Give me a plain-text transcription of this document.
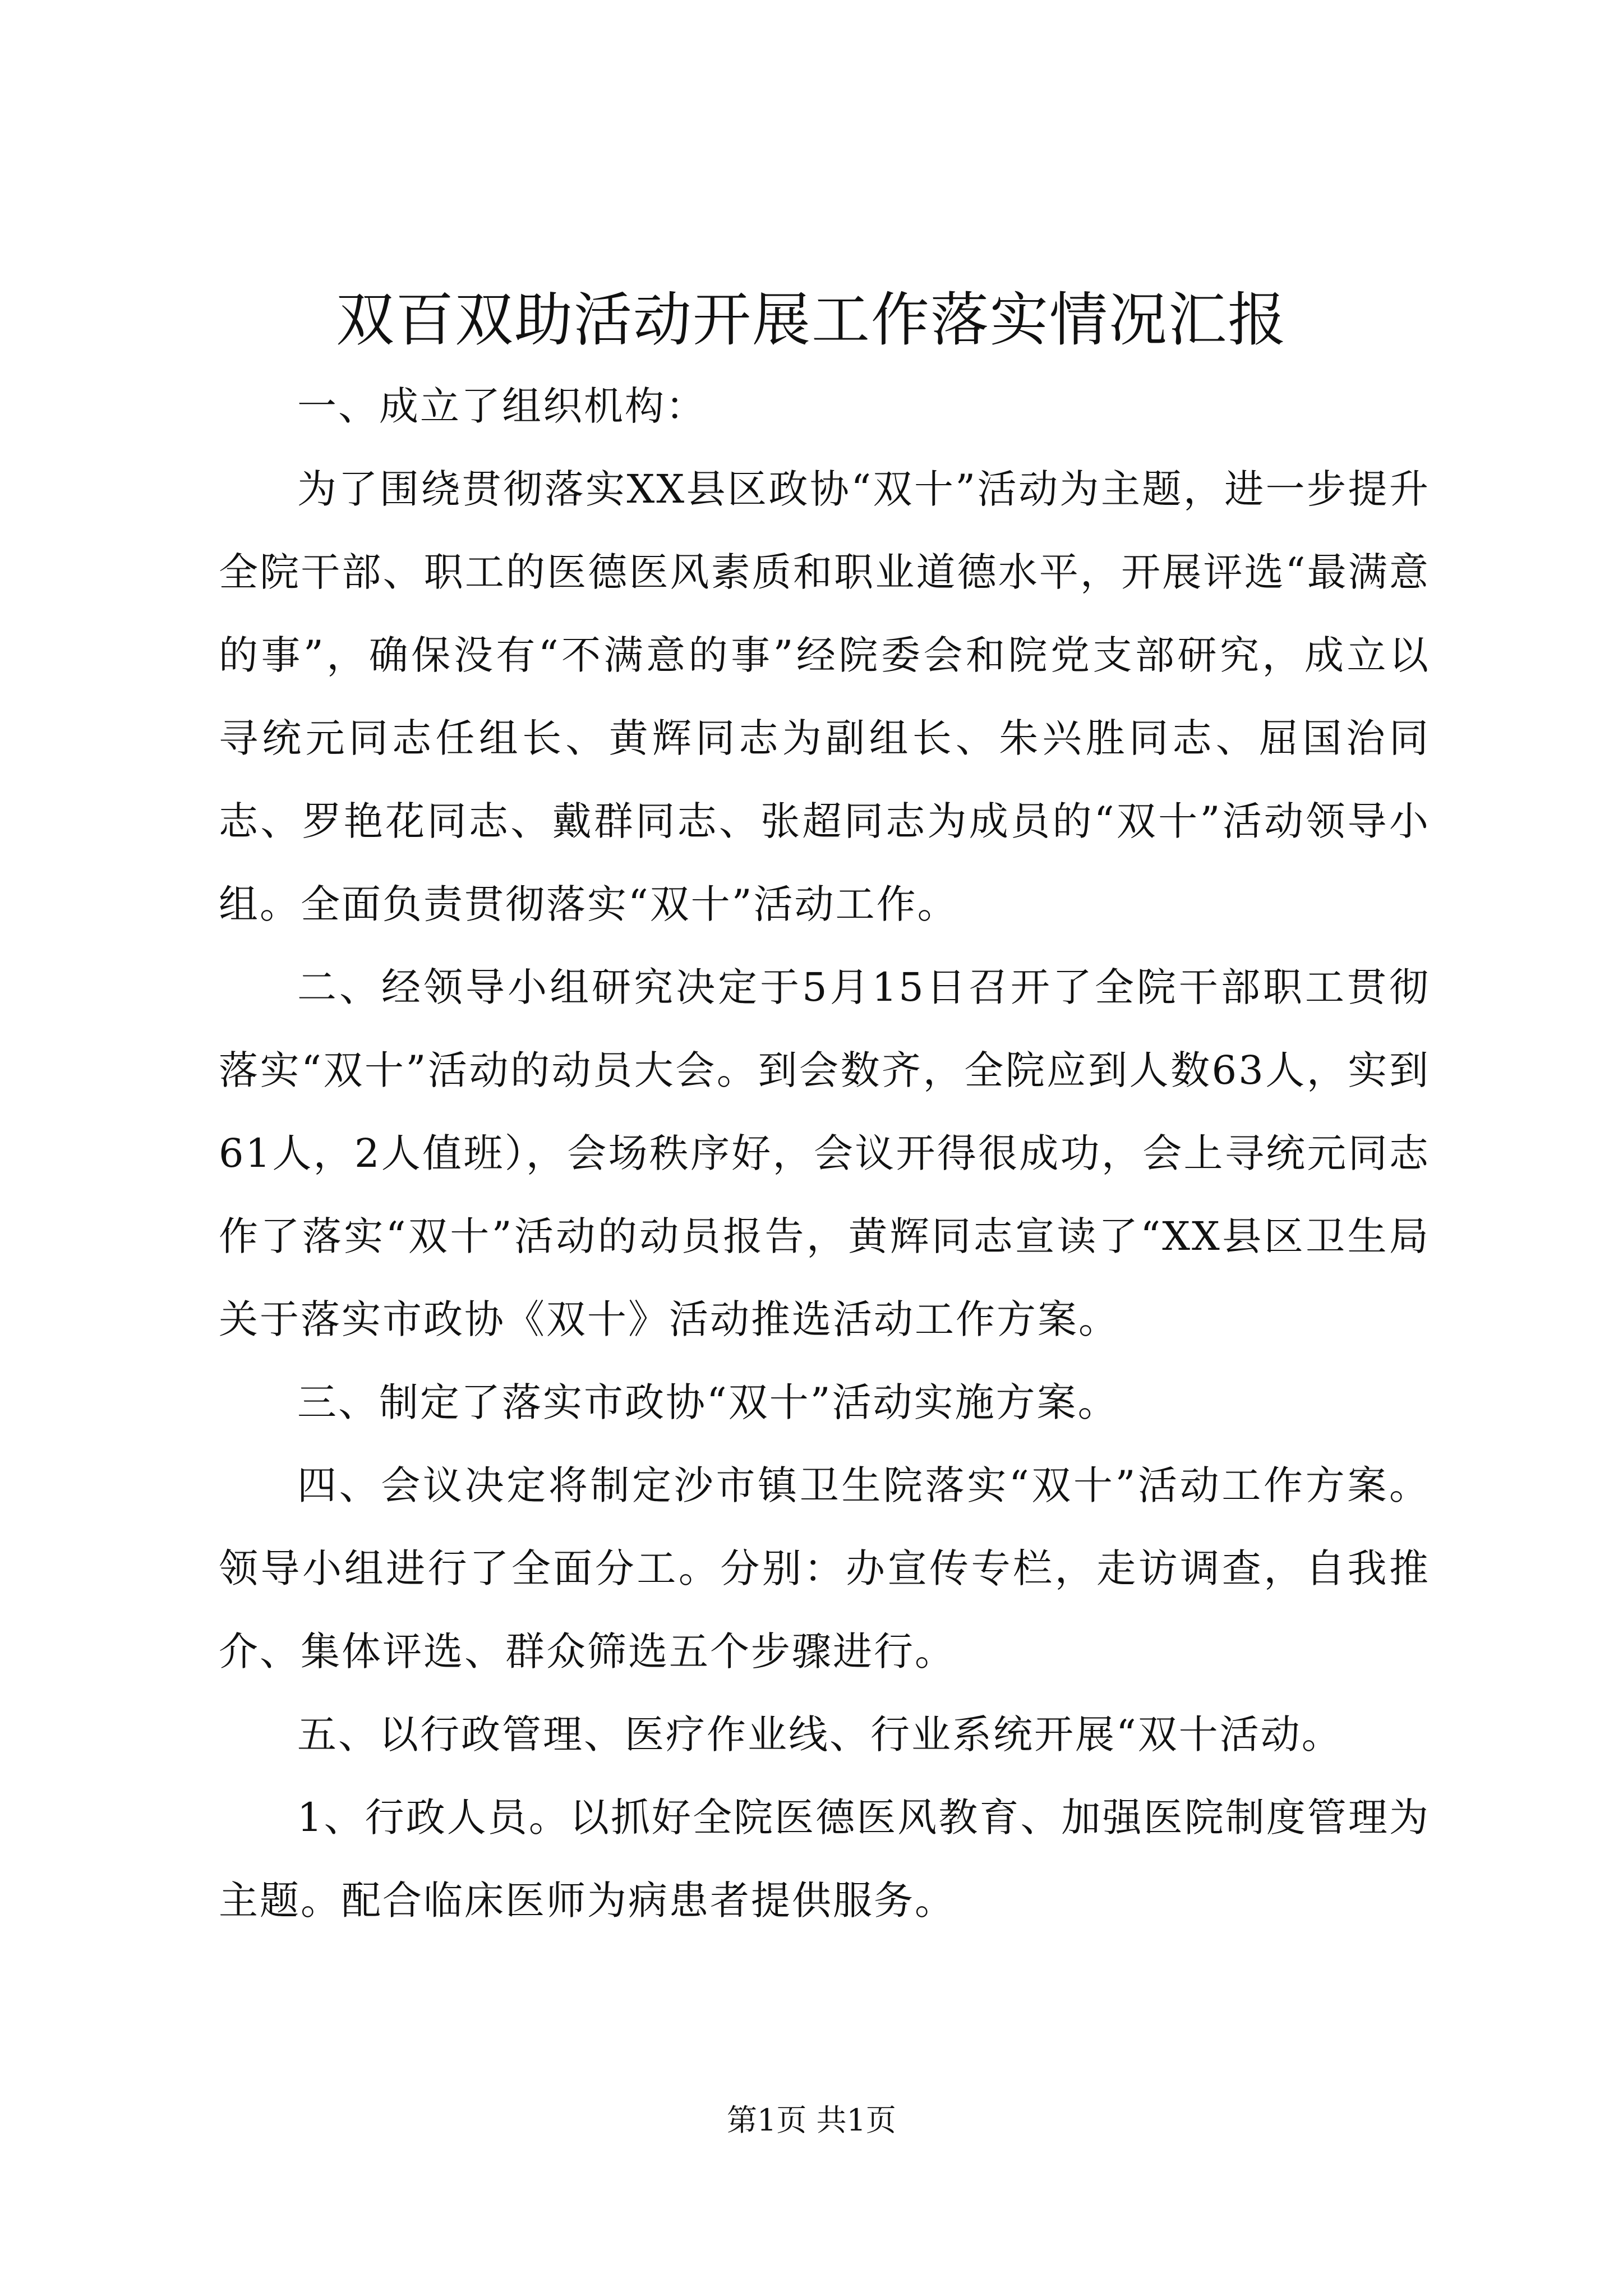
双百双助活动开展工作落实情况汇报

一、成立了组织机构：

为了围绕贯彻落实XX县区政协“双十”活动为主题，进一步提升全院干部、职工的医德医风素质和职业道德水平，开展评选“最满意的事”，确保没有“不满意的事”经院委会和院党支部研究，成立以寻统元同志任组长、黄辉同志为副组长、朱兴胜同志、屈国治同志、罗艳花同志、戴群同志、张超同志为成员的“双十”活动领导小组。全面负责贯彻落实“双十”活动工作。

二、经领导小组研究决定于5月15日召开了全院干部职工贯彻落实“双十”活动的动员大会。到会数齐，全院应到人数63人，实到61人，2人值班），会场秩序好，会议开得很成功，会上寻统元同志作了落实“双十”活动的动员报告，黄辉同志宣读了“XX县区卫生局关于落实市政协《双十》活动推选活动工作方案。

三、制定了落实市政协“双十”活动实施方案。

四、会议决定将制定沙市镇卫生院落实“双十”活动工作方案。领导小组进行了全面分工。分别：办宣传专栏，走访调查，自我推介、集体评选、群众筛选五个步骤进行。

五、以行政管理、医疗作业线、行业系统开展“双十活动。

1、行政人员。以抓好全院医德医风教育、加强医院制度管理为主题。配合临床医师为病患者提供服务。

第1页 共1页
